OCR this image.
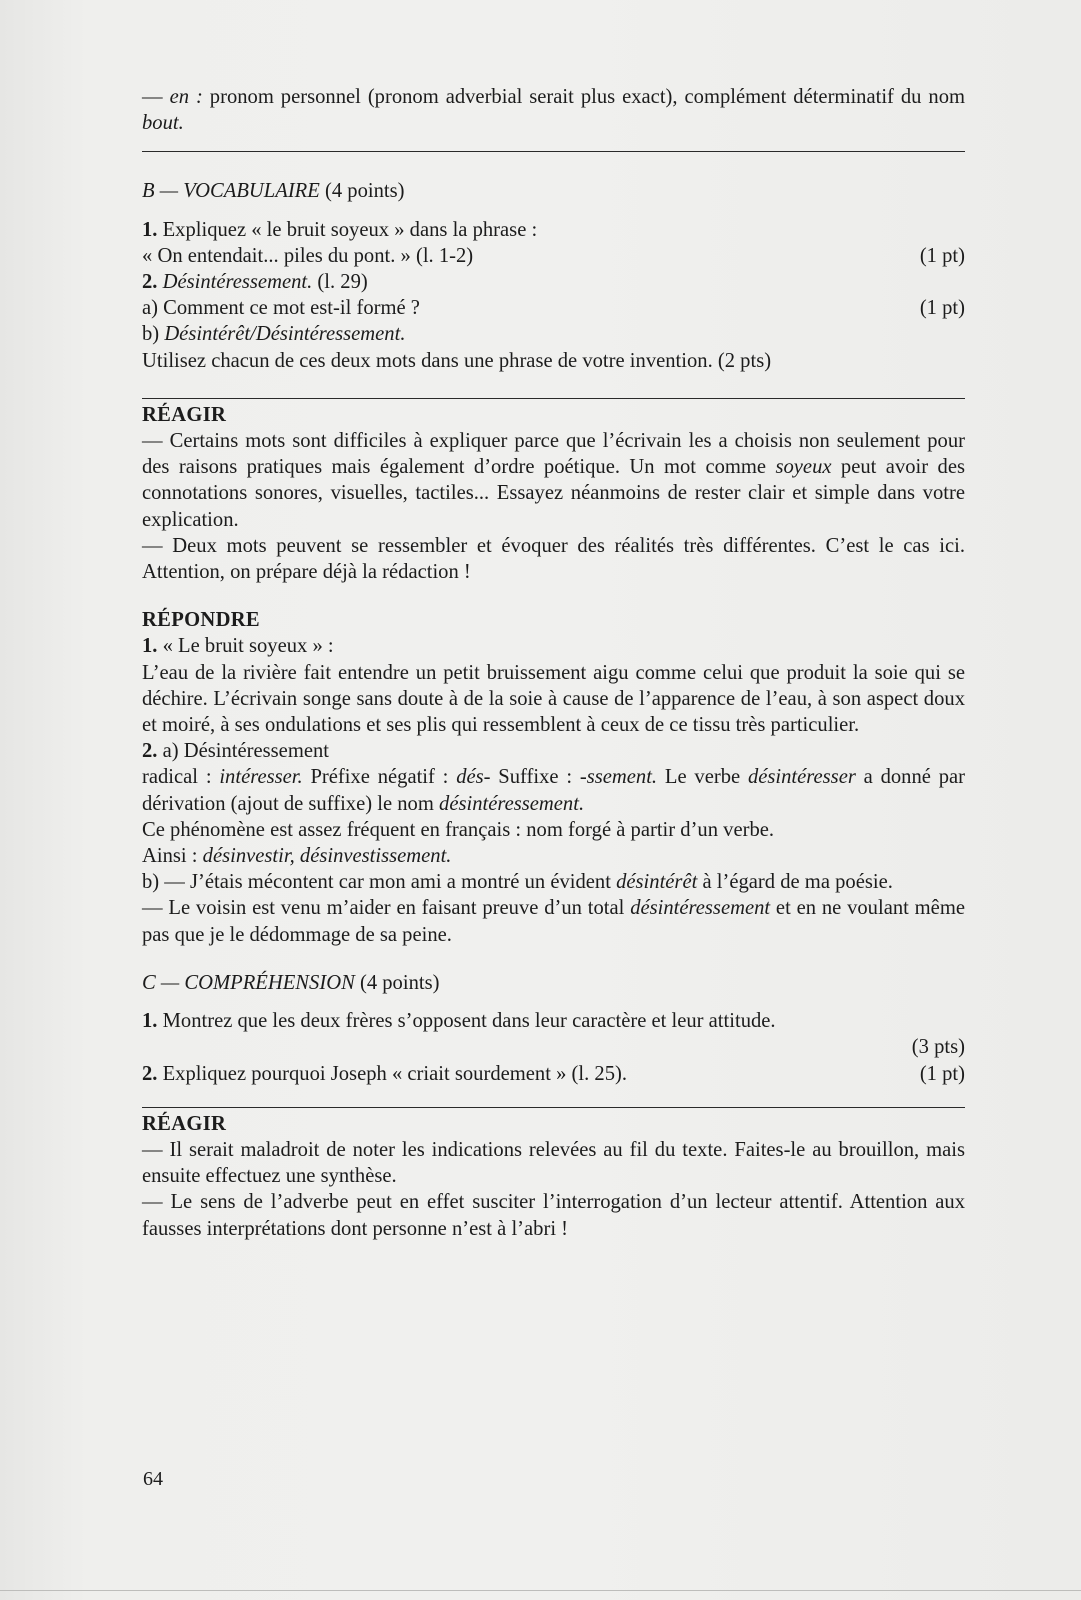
— en : pronom personnel (pronom adverbial serait plus exact), complément déterminatif du nom bout.

B — VOCABULAIRE (4 points)

1. Expliquez « le bruit soyeux » dans la phrase :

« On entendait... piles du pont. » (l. 1-2)	(1 pt)

2. Désintéressement. (l. 29)

a) Comment ce mot est-il formé ?	(1 pt)

b) Désintérêt/Désintéressement.

Utilisez chacun de ces deux mots dans une phrase de votre invention. (2 pts)

RÉAGIR

— Certains mots sont difficiles à expliquer parce que l’écrivain les a choisis non seulement pour des raisons pratiques mais également d’ordre poétique. Un mot comme soyeux peut avoir des connotations sonores, visuelles, tactiles... Essayez néanmoins de rester clair et simple dans votre explication.

— Deux mots peuvent se ressembler et évoquer des réalités très différentes. C’est le cas ici. Attention, on prépare déjà la rédaction !

RÉPONDRE

1. « Le bruit soyeux » :

L’eau de la rivière fait entendre un petit bruissement aigu comme celui que produit la soie qui se déchire. L’écrivain songe sans doute à de la soie à cause de l’apparence de l’eau, à son aspect doux et moiré, à ses ondulations et ses plis qui ressemblent à ceux de ce tissu très particulier.

2. a) Désintéressement

radical : intéresser. Préfixe négatif : dés- Suffixe : -ssement. Le verbe désintéresser a donné par dérivation (ajout de suffixe) le nom désintéressement.

Ce phénomène est assez fréquent en français : nom forgé à partir d’un verbe.

Ainsi : désinvestir, désinvestissement.

b) — J’étais mécontent car mon ami a montré un évident désintérêt à l’égard de ma poésie.

— Le voisin est venu m’aider en faisant preuve d’un total désintéressement et en ne voulant même pas que je le dédommage de sa peine.

C — COMPRÉHENSION (4 points)

1. Montrez que les deux frères s’opposent dans leur caractère et leur attitude.

(3 pts)

2. Expliquez pourquoi Joseph « criait sourdement » (l. 25).	(1 pt)

RÉAGIR

— Il serait maladroit de noter les indications relevées au fil du texte. Faites-le au brouillon, mais ensuite effectuez une synthèse.

— Le sens de l’adverbe peut en effet susciter l’interrogation d’un lecteur attentif. Attention aux fausses interprétations dont personne n’est à l’abri !

64
